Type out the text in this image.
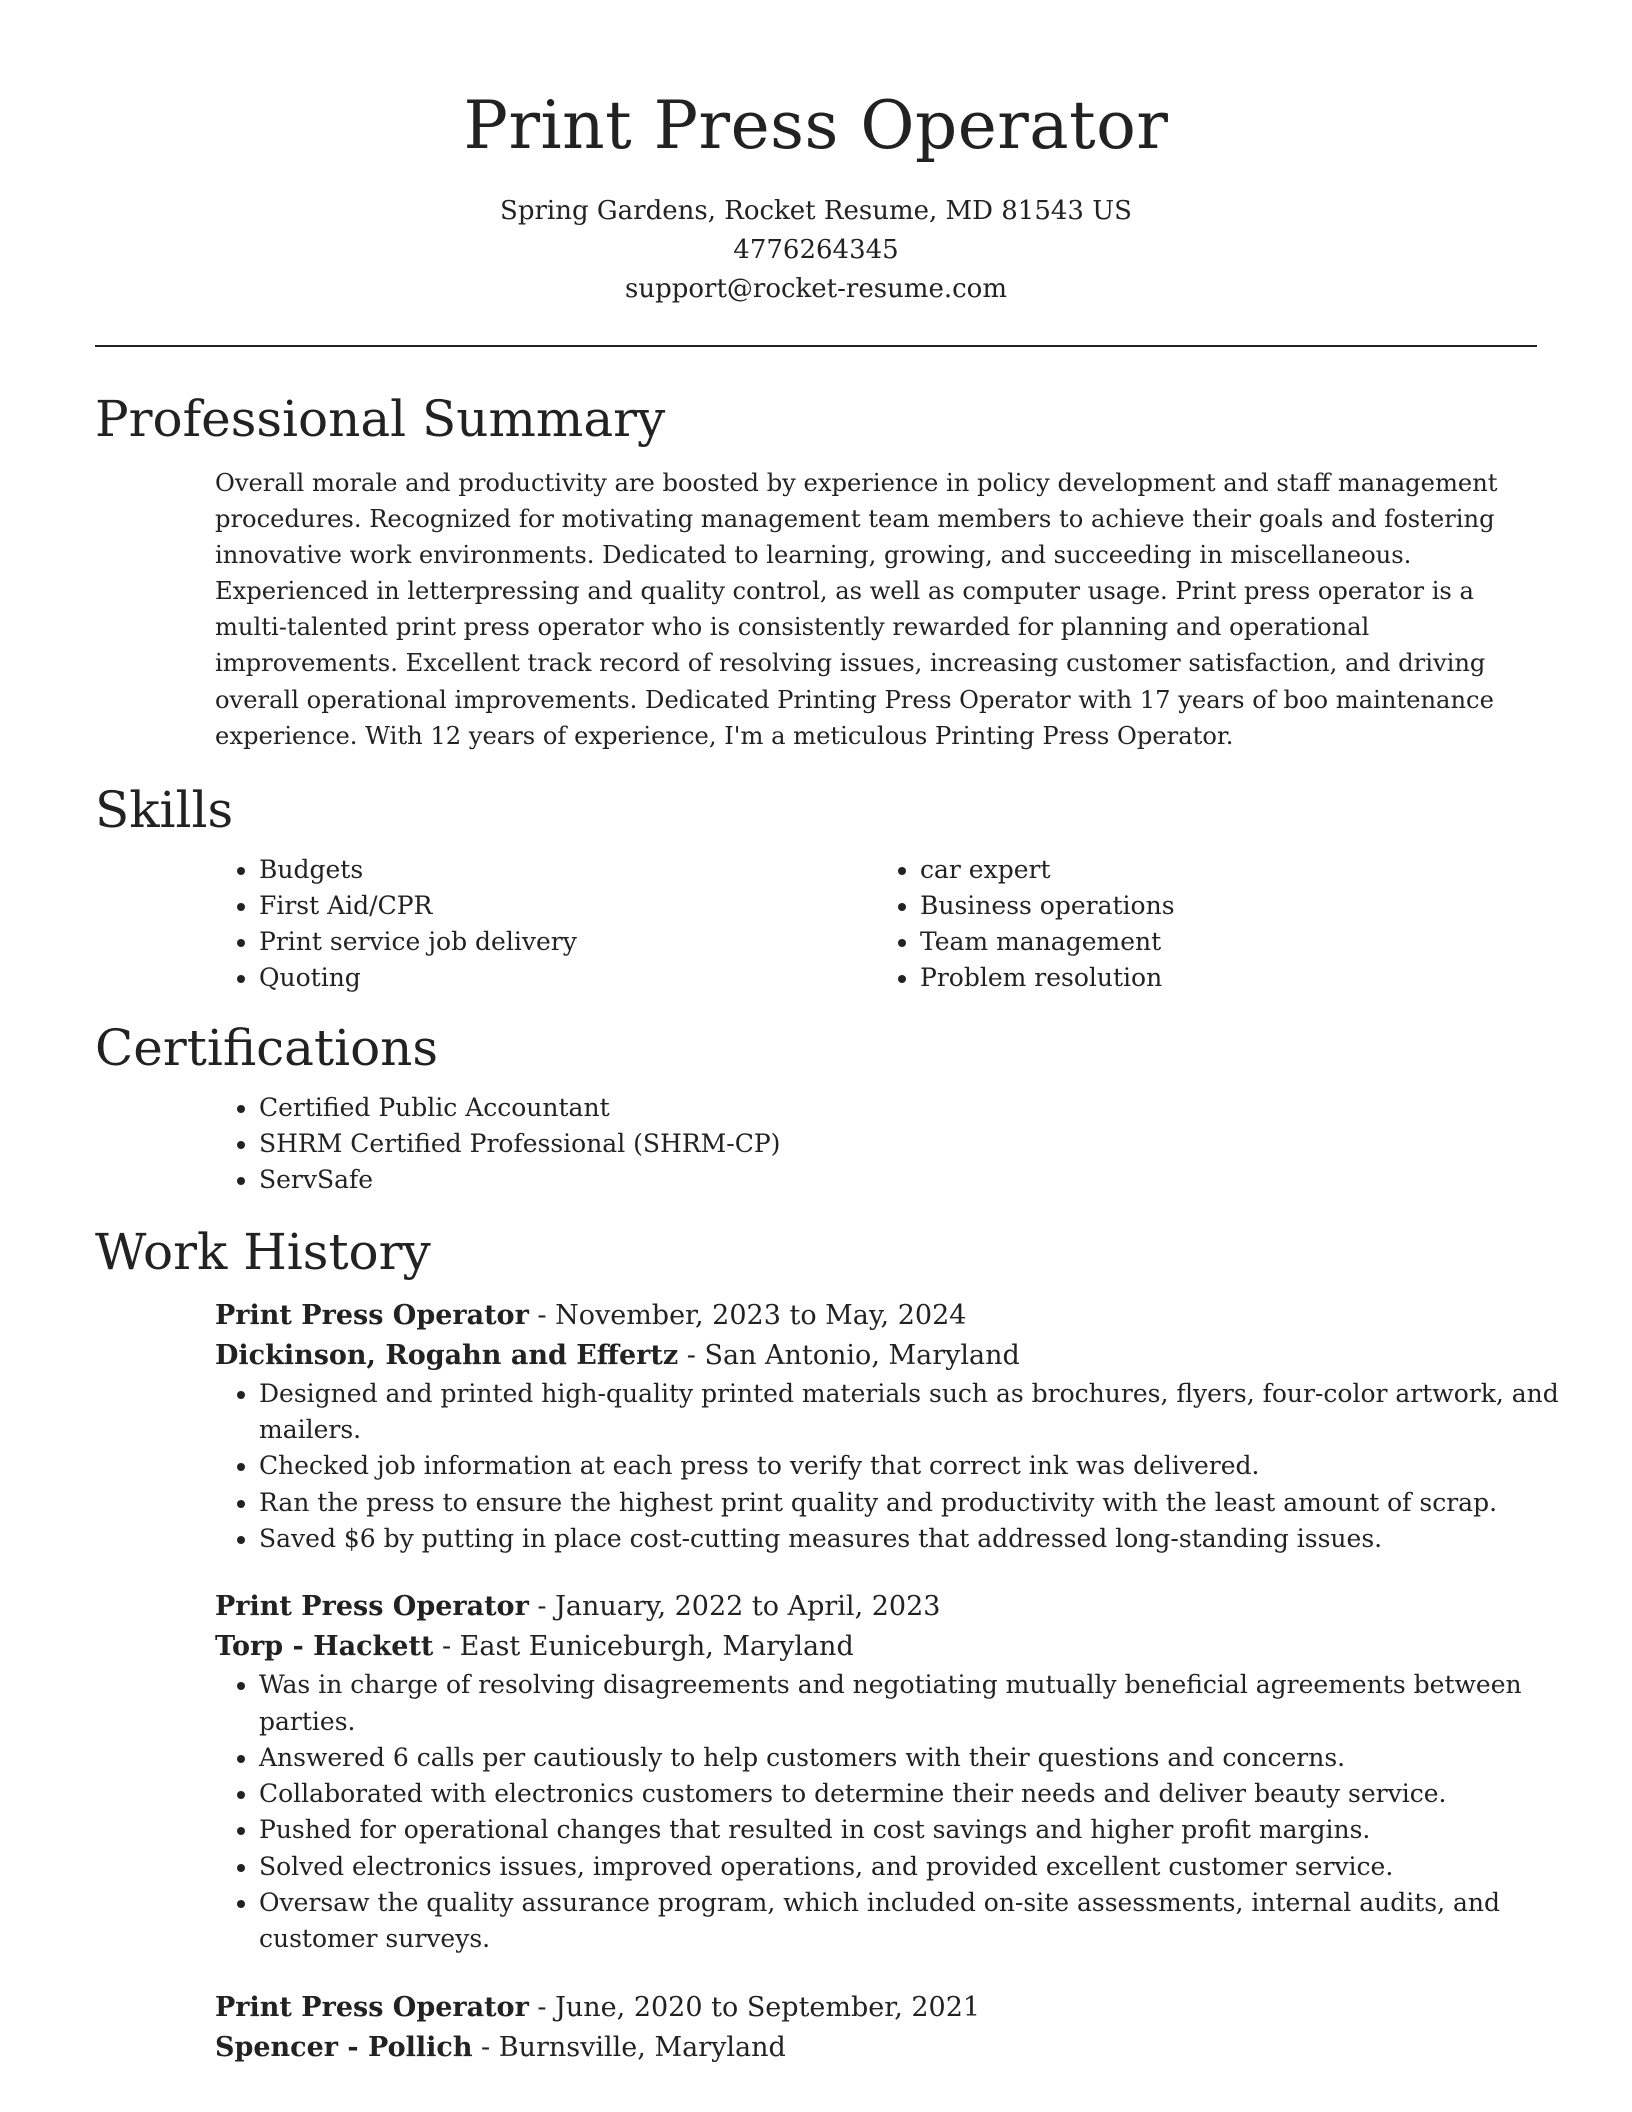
Print Press Operator
Spring Gardens, Rocket Resume, MD 81543 US
4776264345
support@rocket-resume.com
Professional Summary

Overall morale and productivity are boosted by experience in policy development and staff management procedures. Recognized for motivating management team members to achieve their goals and fostering innovative work environments. Dedicated to learning, growing, and succeeding in miscellaneous. Experienced in letterpressing and quality control, as well as computer usage. Print press operator is a multi-talented print press operator who is consistently rewarded for planning and operational improvements. Excellent track record of resolving issues, increasing customer satisfaction, and driving overall operational improvements. Dedicated Printing Press Operator with 17 years of boo maintenance experience. With 12 years of experience, I'm a meticulous Printing Press Operator.

Skills
• Budgets
• First Aid/CPR
• Print service job delivery
• Quoting
• car expert
• Business operations
• Team management
• Problem resolution
Certifications
• Certified Public Accountant
• SHRM Certified Professional (SHRM-CP)
• ServSafe
Work History
Print Press Operator - November, 2023 to May, 2024
Dickinson, Rogahn and Effertz - San Antonio, Maryland
• Designed and printed high-quality printed materials such as brochures, flyers, four-color artwork, and mailers.
• Checked job information at each press to verify that correct ink was delivered.
• Ran the press to ensure the highest print quality and productivity with the least amount of scrap.
• Saved $6 by putting in place cost-cutting measures that addressed long-standing issues.
Print Press Operator - January, 2022 to April, 2023
Torp - Hackett - East Euniceburgh, Maryland
• Was in charge of resolving disagreements and negotiating mutually beneficial agreements between parties.
• Answered 6 calls per cautiously to help customers with their questions and concerns.
• Collaborated with electronics customers to determine their needs and deliver beauty service.
• Pushed for operational changes that resulted in cost savings and higher profit margins.
• Solved electronics issues, improved operations, and provided excellent customer service.
• Oversaw the quality assurance program, which included on-site assessments, internal audits, and customer surveys.
Print Press Operator - June, 2020 to September, 2021
Spencer - Pollich - Burnsville, Maryland
